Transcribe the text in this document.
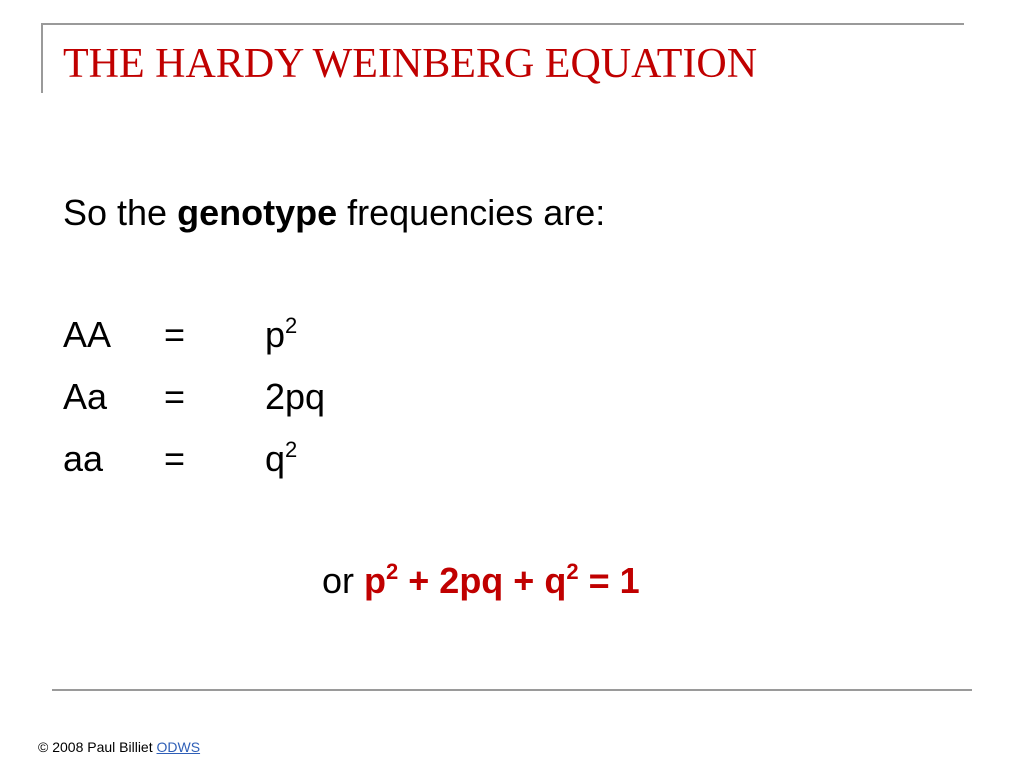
THE HARDY WEINBERG EQUATION
So the genotype frequencies are:
AA = $p^2$
Aa = 2pq
aa = $q^2$
or $p^2 + 2pq + q^2 = 1$
© 2008 Paul Billiet ODWS
